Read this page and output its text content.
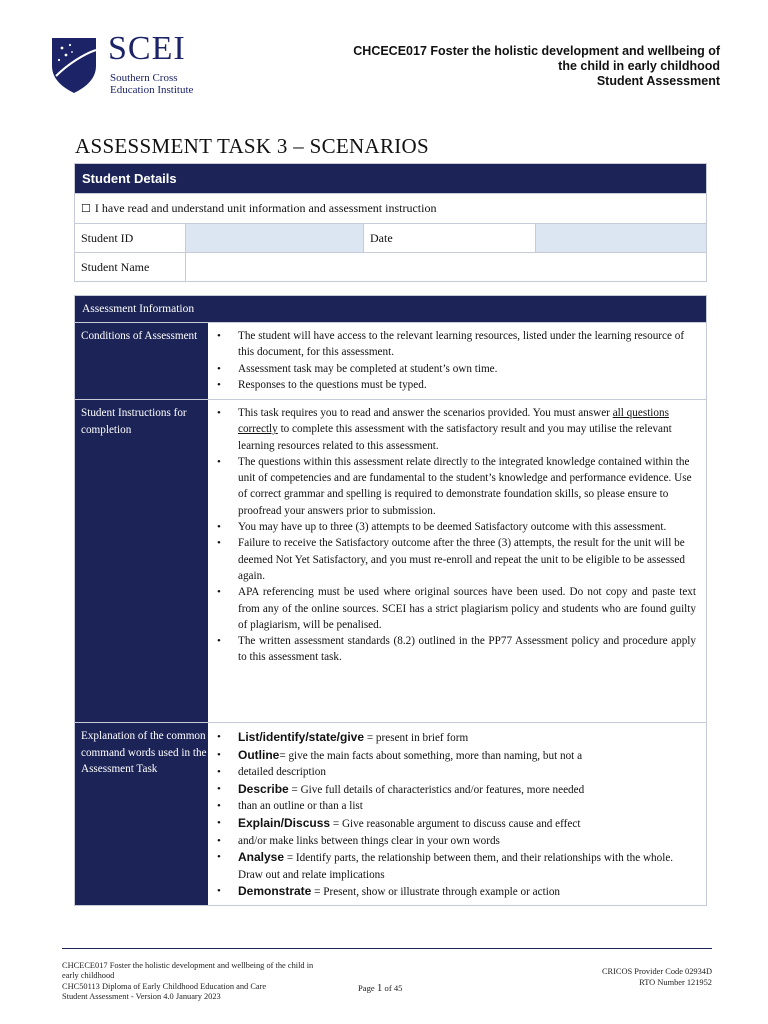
SCEI
Southern Cross
Education Institute
CHCECE017 Foster the holistic development and wellbeing of
the child in early childhood
Student Assessment
ASSESSMENT TASK 3 – SCENARIOS
Student Details
☐ I have read and understand unit information and assessment instruction
Student ID	Date
Student Name
Assessment Information
Conditions of Assessment
•	The student will have access to the relevant learning resources, listed under the learning resource of this document, for this assessment.
• Assessment task may be completed at student’s own time.
• Responses to the questions must be typed.
Student Instructions for completion
• This task requires you to read and answer the scenarios provided. You must answer all questions correctly to complete this assessment with the satisfactory result and you may utilise the relevant learning resources related to this assessment.
• The questions within this assessment relate directly to the integrated knowledge contained within the unit of competencies and are fundamental to the student’s knowledge and performance evidence. Use of correct grammar and spelling is required to demonstrate foundation skills, so please ensure to proofread your answers prior to submission.
• You may have up to three (3) attempts to be deemed Satisfactory outcome with this assessment.
• Failure to receive the Satisfactory outcome after the three (3) attempts, the result for the unit will be deemed Not Yet Satisfactory, and you must re-enroll and repeat the unit to be eligible to be assessed again.
• APA referencing must be used where original sources have been used. Do not copy and paste text from any of the online sources. SCEI has a strict plagiarism policy and students who are found guilty of plagiarism, will be penalised.
• The written assessment standards (8.2) outlined in the PP77 Assessment policy and procedure apply to this assessment task.
Explanation of the common command words used in the Assessment Task
• List/identify/state/give = present in brief form
• Outline= give the main facts about something, more than naming, but not a
• detailed description
• Describe = Give full details of characteristics and/or features, more needed
• than an outline or than a list
• Explain/Discuss = Give reasonable argument to discuss cause and effect
• and/or make links between things clear in your own words
• Analyse = Identify parts, the relationship between them, and their relationships with the whole. Draw out and relate implications
• Demonstrate = Present, show or illustrate through example or action
CHCECE017 Foster the holistic development and wellbeing of the child in early childhood
CHC50113 Diploma of Early Childhood Education and Care
Student Assessment - Version 4.0 January 2023
Page 1 of 45
CRICOS Provider Code 02934D
RTO Number 121952
